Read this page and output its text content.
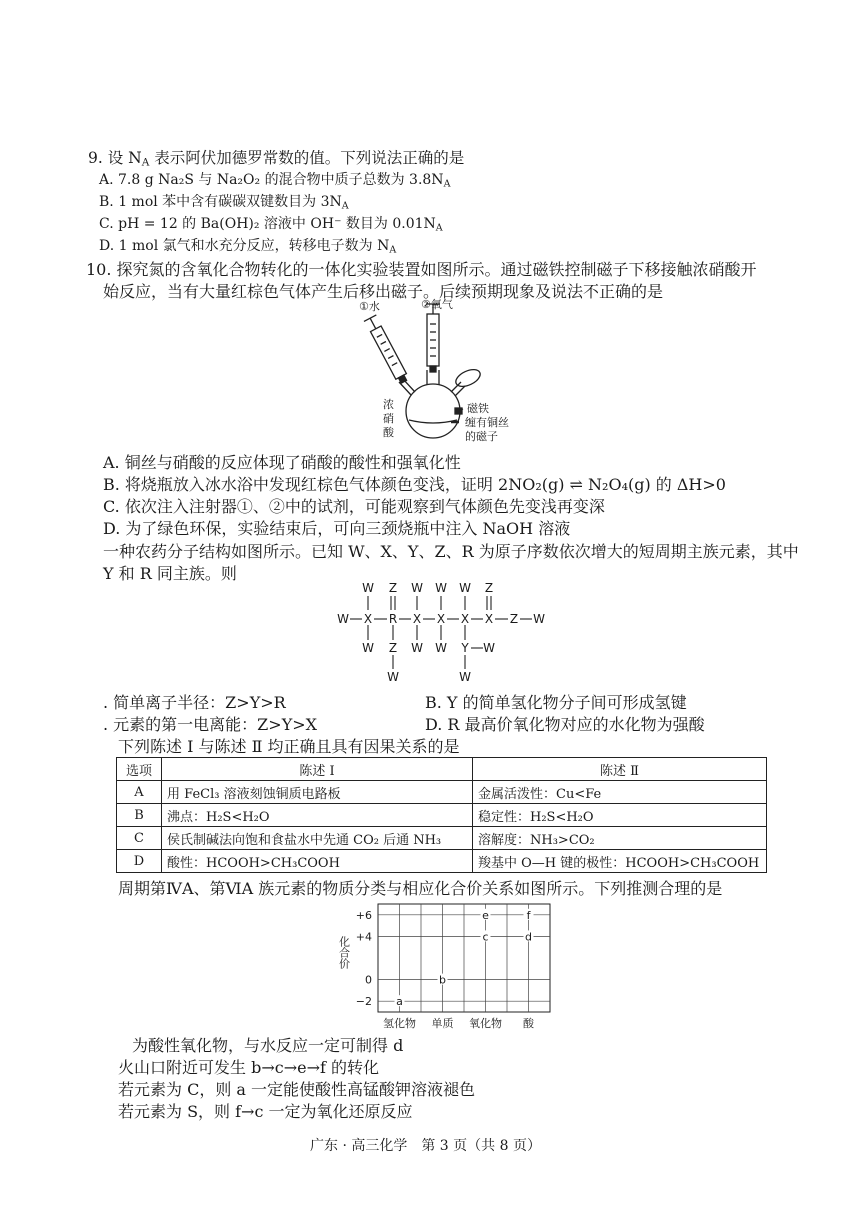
9. 设 $N_A$ 表示阿伏加德罗常数的值。下列说法正确的是
A. 7.8 g Na₂S 与 Na₂O₂ 的混合物中质子总数为 $3.8N_A$
B. 1 mol 苯中含有碳碳双键数目为 $3N_A$
C. pH = 12 的 Ba(OH)₂ 溶液中 OH⁻ 数目为 $0.01N_A$
D. 1 mol 氯气和水充分反应，转移电子数为 $N_A$
10. 探究氮的含氧化合物转化的一体化实验装置如图所示。通过磁铁控制磁子下移接触浓硝酸开
始反应，当有大量红棕色气体产生后移出磁子。后续预期现象及说法不正确的是
①水	②氧气
浓
硝
酸
磁铁
缠有铜丝
的磁子
A. 铜丝与硝酸的反应体现了硝酸的酸性和强氧化性
B. 将烧瓶放入冰水浴中发现红棕色气体颜色变浅，证明 2NO₂(g) ⇌ N₂O₄(g) 的 ΔH>0
C. 依次注入注射器①、②中的试剂，可能观察到气体颜色先变浅再变深
D. 为了绿色环保，实验结束后，可向三颈烧瓶中注入 NaOH 溶液
一种农药分子结构如图所示。已知 W、X、Y、Z、R 为原子序数依次增大的短周期主族元素，其中
Y 和 R 同主族。则
W Z W W W Z
W X R X X X X Z W
W Z W W Y W
W	W
. 简单离子半径：Z>Y>R	B. Y 的简单氢化物分子间可形成氢键
. 元素的第一电离能：Z>Y>X	D. R 最高价氧化物对应的水化物为强酸
下列陈述 Ⅰ 与陈述 Ⅱ 均正确且具有因果关系的是
选项	陈述 Ⅰ	陈述 Ⅱ
A	用 FeCl₃ 溶液刻蚀铜质电路板	金属活泼性：Cu<Fe
B	沸点：H₂S<H₂O	稳定性：H₂S<H₂O
C	侯氏制碱法向饱和食盐水中先通 CO₂ 后通 NH₃	溶解度：NH₃>CO₂
D	酸性：HCOOH>CH₃COOH	羧基中 O—H 键的极性：HCOOH>CH₃COOH
周期第ⅣA、第ⅥA 族元素的物质分类与相应化合价关系如图所示。下列推测合理的是
+6
+4
0
−2
化合价
氢化物 单质 氧化物 酸
a
b
c
e
d
f
为酸性氧化物，与水反应一定可制得 d
火山口附近可发生 b→c→e→f 的转化
若元素为 C，则 a 一定能使酸性高锰酸钾溶液褪色
若元素为 S，则 f→c 一定为氧化还原反应
广东 · 高三化学　第 3 页（共 8 页）
